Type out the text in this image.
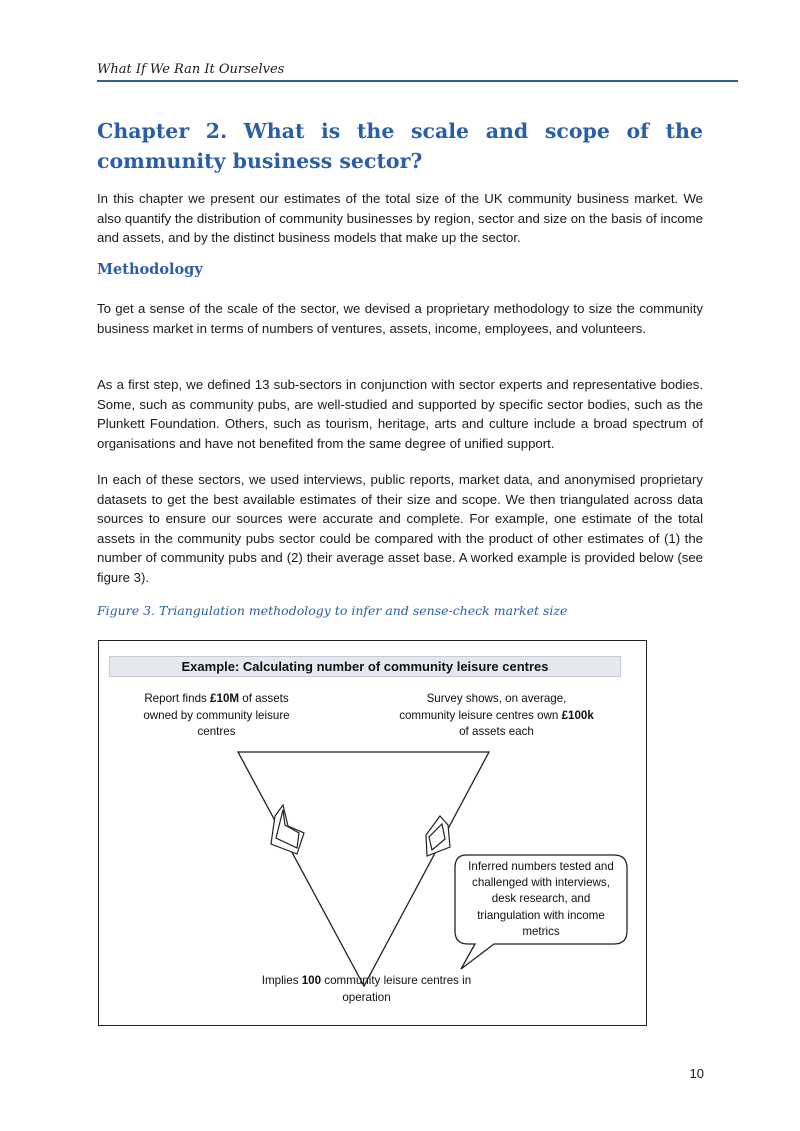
What If We Ran It Ourselves
Chapter 2. What is the scale and scope of the community business sector?

In this chapter we present our estimates of the total size of the UK community business market. We also quantify the distribution of community businesses by region, sector and size on the basis of income and assets, and by the distinct business models that make up the sector.

Methodology

To get a sense of the scale of the sector, we devised a proprietary methodology to size the community business market in terms of numbers of ventures, assets, income, employees, and volunteers.

As a first step, we defined 13 sub-sectors in conjunction with sector experts and representative bodies. Some, such as community pubs, are well-studied and supported by specific sector bodies, such as the Plunkett Foundation. Others, such as tourism, heritage, arts and culture include a broad spectrum of organisations and have not benefited from the same degree of unified support.

In each of these sectors, we used interviews, public reports, market data, and anonymised proprietary datasets to get the best available estimates of their size and scope. We then triangulated across data sources to ensure our sources were accurate and complete. For example, one estimate of the total assets in the community pubs sector could be compared with the product of other estimates of (1) the number of community pubs and (2) their average asset base. A worked example is provided below (see figure 3).

Figure 3. Triangulation methodology to infer and sense-check market size
Example: Calculating number of community leisure centres
Report finds £10M of assets owned by community leisure centres
Survey shows, on average, community leisure centres own £100k of assets each
Implies 100 community leisure centres in operation
Inferred numbers tested and challenged with interviews, desk research, and triangulation with income metrics
10
